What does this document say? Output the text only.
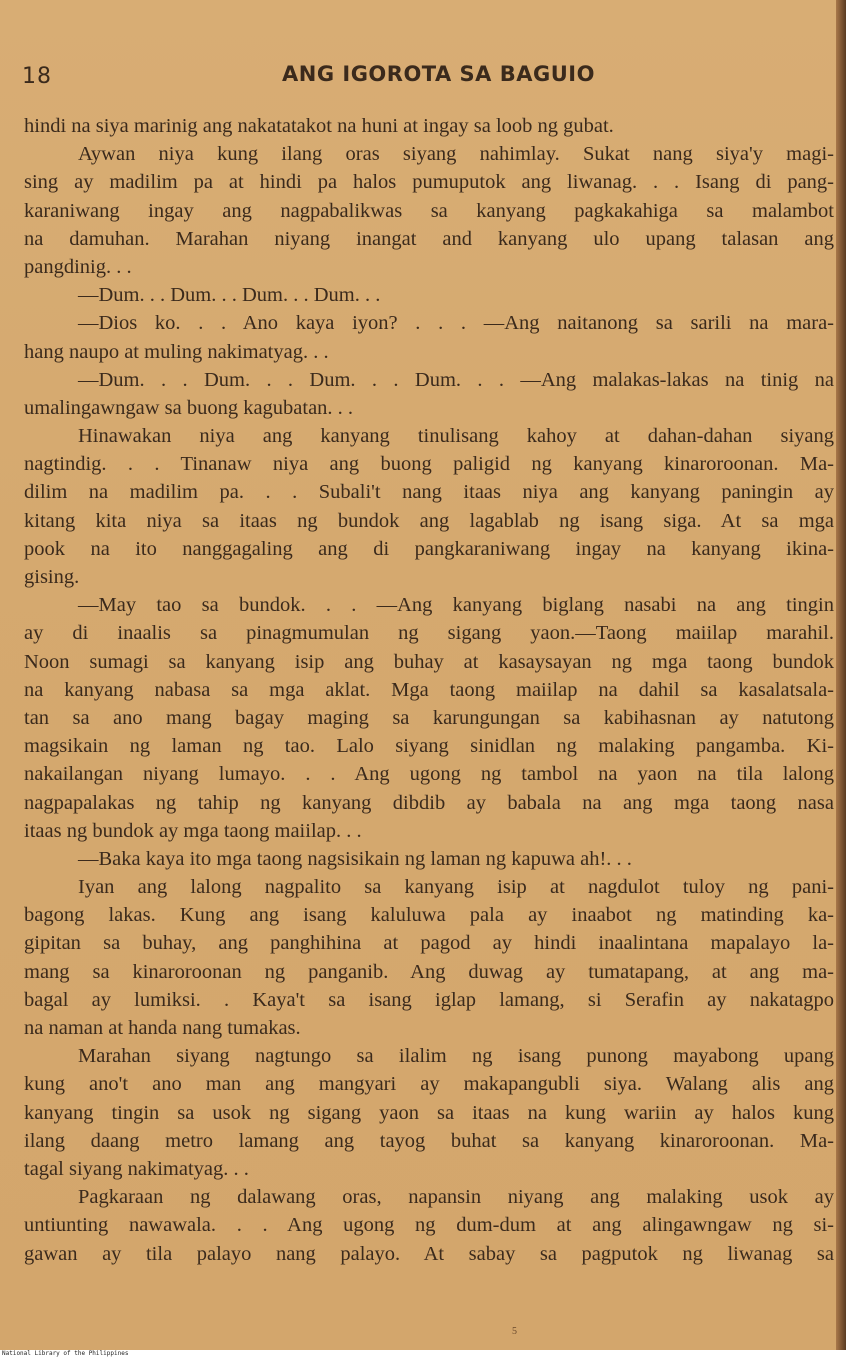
18	ANG IGOROTA SA BAGUIO
hindi na siya marinig ang nakatatakot na huni at ingay sa loob ng gubat.
Aywan niya kung ilang oras siyang nahimlay. Sukat nang siya'y magi-
sing ay madilim pa at hindi pa halos pumuputok ang liwanag. . . Isang di pang-
karaniwang ingay ang nagpabalikwas sa kanyang pagkakahiga sa malambot
na damuhan. Marahan niyang inangat and kanyang ulo upang talasan ang
pangdinig. . .
—Dum. . . Dum. . . Dum. . . Dum. . .
—Dios ko. . . Ano kaya iyon? . . . —Ang naitanong sa sarili na mara-
hang naupo at muling nakimatyag. . .
—Dum. . . Dum. . . Dum. . . Dum. . . —Ang malakas-lakas na tinig na
umalingawngaw sa buong kagubatan. . .
Hinawakan niya ang kanyang tinulisang kahoy at dahan-dahan siyang
nagtindig. . . Tinanaw niya ang buong paligid ng kanyang kinaroroonan. Ma-
dilim na madilim pa. . . Subali't nang itaas niya ang kanyang paningin ay
kitang kita niya sa itaas ng bundok ang lagablab ng isang siga. At sa mga
pook na ito nanggagaling ang di pangkaraniwang ingay na kanyang ikina-
gising.
—May tao sa bundok. . . —Ang kanyang biglang nasabi na ang tingin
ay di inaalis sa pinagmumulan ng sigang yaon.—Taong maiilap marahil.
Noon sumagi sa kanyang isip ang buhay at kasaysayan ng mga taong bundok
na kanyang nabasa sa mga aklat. Mga taong maiilap na dahil sa kasalatsala-
tan sa ano mang bagay maging sa karungungan sa kabihasnan ay natutong
magsikain ng laman ng tao. Lalo siyang sinidlan ng malaking pangamba. Ki-
nakailangan niyang lumayo. . . Ang ugong ng tambol na yaon na tila lalong
nagpapalakas ng tahip ng kanyang dibdib ay babala na ang mga taong nasa
itaas ng bundok ay mga taong maiilap. . .
—Baka kaya ito mga taong nagsisikain ng laman ng kapuwa ah!. . .
Iyan ang lalong nagpalito sa kanyang isip at nagdulot tuloy ng pani-
bagong lakas. Kung ang isang kaluluwa pala ay inaabot ng matinding ka-
gipitan sa buhay, ang panghihina at pagod ay hindi inaalintana mapalayo la-
mang sa kinaroroonan ng panganib. Ang duwag ay tumatapang, at ang ma-
bagal ay lumiksi. . Kaya't sa isang iglap lamang, si Serafin ay nakatagpo
na naman at handa nang tumakas.
Marahan siyang nagtungo sa ilalim ng isang punong mayabong upang
kung ano't ano man ang mangyari ay makapangubli siya. Walang alis ang
kanyang tingin sa usok ng sigang yaon sa itaas na kung wariin ay halos kung
ilang daang metro lamang ang tayog buhat sa kanyang kinaroroonan. Ma-
tagal siyang nakimatyag. . .
Pagkaraan ng dalawang oras, napansin niyang ang malaking usok ay
untiunting nawawala. . . Ang ugong ng dum-dum at ang alingawngaw ng si-
gawan ay tila palayo nang palayo. At sabay sa pagputok ng liwanag sa
5
National Library of the Philippines
